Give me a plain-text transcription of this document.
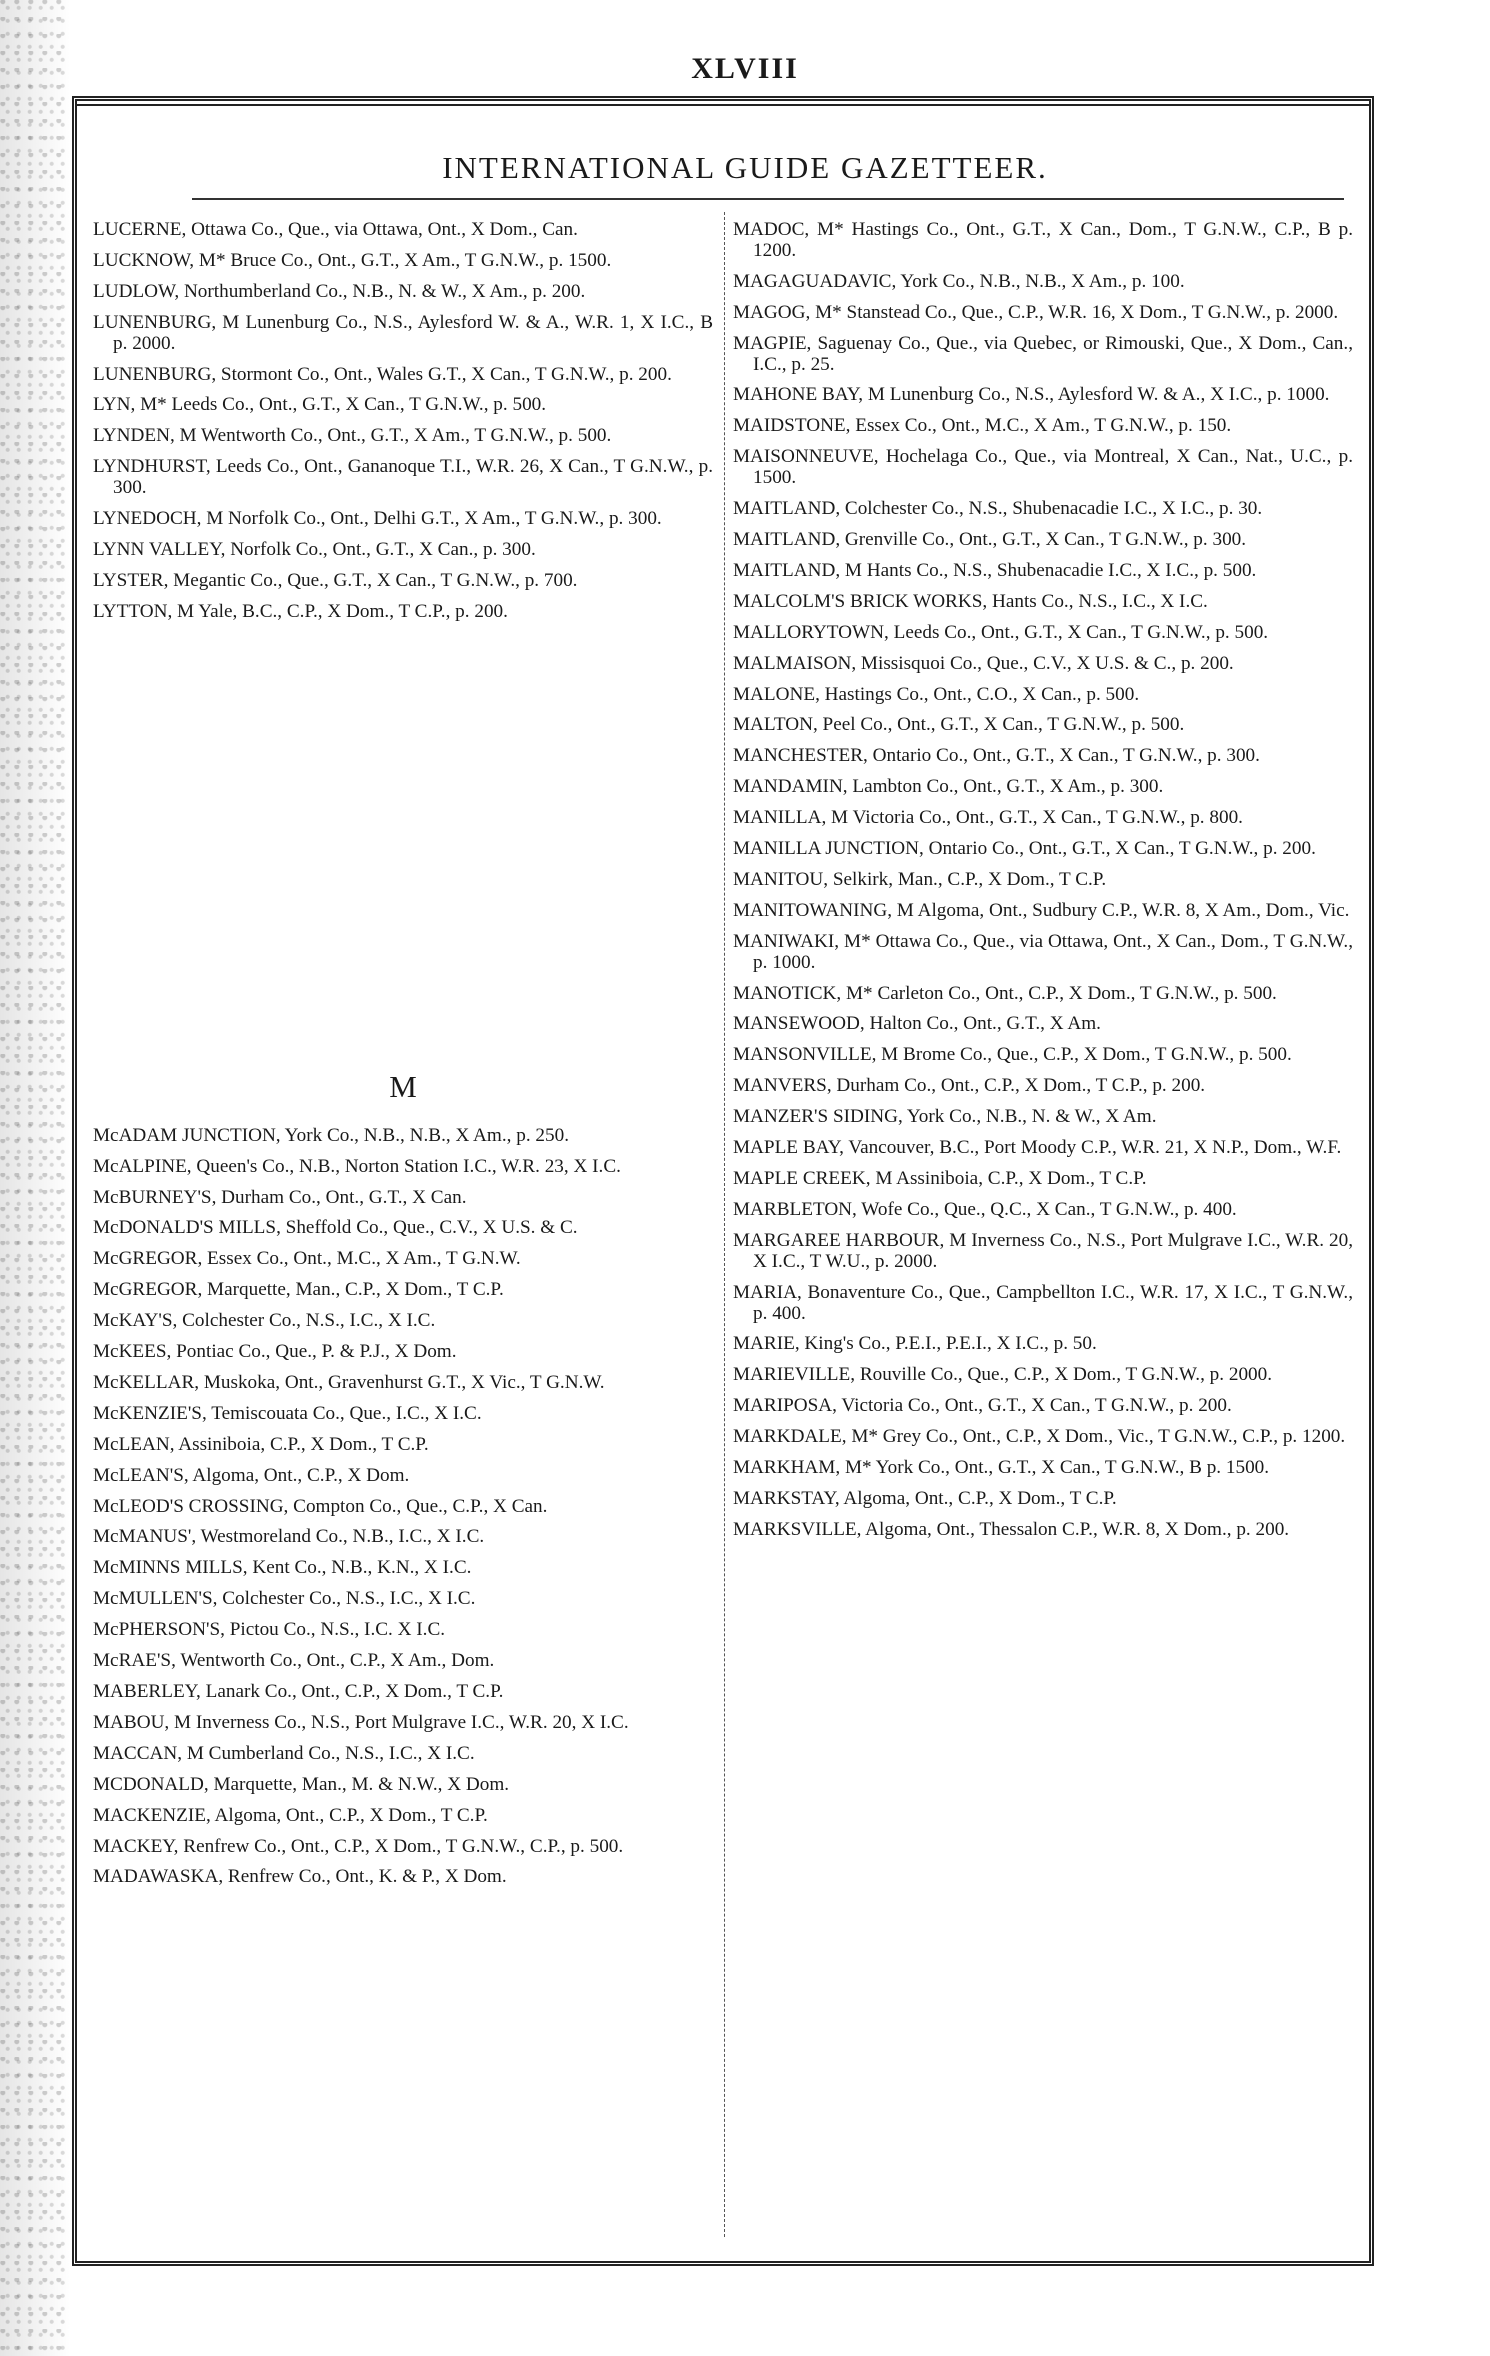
XLVIII
INTERNATIONAL GUIDE GAZETTEER.

LUCERNE, Ottawa Co., Que., via Ottawa, Ont., X Dom., Can.

LUCKNOW, M* Bruce Co., Ont., G.T., X Am., T G.N.W., p. 1500.

LUDLOW, Northumberland Co., N.B., N. & W., X Am., p. 200.

LUNENBURG, M Lunenburg Co., N.S., Aylesford W. & A., W.R. 1, X I.C., B p. 2000.

LUNENBURG, Stormont Co., Ont., Wales G.T., X Can., T G.N.W., p. 200.

LYN, M* Leeds Co., Ont., G.T., X Can., T G.N.W., p. 500.

LYNDEN, M Wentworth Co., Ont., G.T., X Am., T G.N.W., p. 500.

LYNDHURST, Leeds Co., Ont., Gananoque T.I., W.R. 26, X Can., T G.N.W., p. 300.

LYNEDOCH, M Norfolk Co., Ont., Delhi G.T., X Am., T G.N.W., p. 300.

LYNN VALLEY, Norfolk Co., Ont., G.T., X Can., p. 300.

LYSTER, Megantic Co., Que., G.T., X Can., T G.N.W., p. 700.

LYTTON, M Yale, B.C., C.P., X Dom., T C.P., p. 200.

M

McADAM JUNCTION, York Co., N.B., N.B., X Am., p. 250.

McALPINE, Queen's Co., N.B., Norton Station I.C., W.R. 23, X I.C.

McBURNEY'S, Durham Co., Ont., G.T., X Can.

McDONALD'S MILLS, Sheffold Co., Que., C.V., X U.S. & C.

McGREGOR, Essex Co., Ont., M.C., X Am., T G.N.W.

McGREGOR, Marquette, Man., C.P., X Dom., T C.P.

McKAY'S, Colchester Co., N.S., I.C., X I.C.

McKEES, Pontiac Co., Que., P. & P.J., X Dom.

McKELLAR, Muskoka, Ont., Gravenhurst G.T., X Vic., T G.N.W.

McKENZIE'S, Temiscouata Co., Que., I.C., X I.C.

McLEAN, Assiniboia, C.P., X Dom., T C.P.

McLEAN'S, Algoma, Ont., C.P., X Dom.

McLEOD'S CROSSING, Compton Co., Que., C.P., X Can.

McMANUS', Westmoreland Co., N.B., I.C., X I.C.

McMINNS MILLS, Kent Co., N.B., K.N., X I.C.

McMULLEN'S, Colchester Co., N.S., I.C., X I.C.

McPHERSON'S, Pictou Co., N.S., I.C. X I.C.

McRAE'S, Wentworth Co., Ont., C.P., X Am., Dom.

MABERLEY, Lanark Co., Ont., C.P., X Dom., T C.P.

MABOU, M Inverness Co., N.S., Port Mulgrave I.C., W.R. 20, X I.C.

MACCAN, M Cumberland Co., N.S., I.C., X I.C.

MCDONALD, Marquette, Man., M. & N.W., X Dom.

MACKENZIE, Algoma, Ont., C.P., X Dom., T C.P.

MACKEY, Renfrew Co., Ont., C.P., X Dom., T G.N.W., C.P., p. 500.

MADAWASKA, Renfrew Co., Ont., K. & P., X Dom.

MADOC, M* Hastings Co., Ont., G.T., X Can., Dom., T G.N.W., C.P., B p. 1200.

MAGAGUADAVIC, York Co., N.B., N.B., X Am., p. 100.

MAGOG, M* Stanstead Co., Que., C.P., W.R. 16, X Dom., T G.N.W., p. 2000.

MAGPIE, Saguenay Co., Que., via Quebec, or Rimouski, Que., X Dom., Can., I.C., p. 25.

MAHONE BAY, M Lunenburg Co., N.S., Aylesford W. & A., X I.C., p. 1000.

MAIDSTONE, Essex Co., Ont., M.C., X Am., T G.N.W., p. 150.

MAISONNEUVE, Hochelaga Co., Que., via Montreal, X Can., Nat., U.C., p. 1500.

MAITLAND, Colchester Co., N.S., Shubenacadie I.C., X I.C., p. 30.

MAITLAND, Grenville Co., Ont., G.T., X Can., T G.N.W., p. 300.

MAITLAND, M Hants Co., N.S., Shubenacadie I.C., X I.C., p. 500.

MALCOLM'S BRICK WORKS, Hants Co., N.S., I.C., X I.C.

MALLORYTOWN, Leeds Co., Ont., G.T., X Can., T G.N.W., p. 500.

MALMAISON, Missisquoi Co., Que., C.V., X U.S. & C., p. 200.

MALONE, Hastings Co., Ont., C.O., X Can., p. 500.

MALTON, Peel Co., Ont., G.T., X Can., T G.N.W., p. 500.

MANCHESTER, Ontario Co., Ont., G.T., X Can., T G.N.W., p. 300.

MANDAMIN, Lambton Co., Ont., G.T., X Am., p. 300.

MANILLA, M Victoria Co., Ont., G.T., X Can., T G.N.W., p. 800.

MANILLA JUNCTION, Ontario Co., Ont., G.T., X Can., T G.N.W., p. 200.

MANITOU, Selkirk, Man., C.P., X Dom., T C.P.

MANITOWANING, M Algoma, Ont., Sudbury C.P., W.R. 8, X Am., Dom., Vic.

MANIWAKI, M* Ottawa Co., Que., via Ottawa, Ont., X Can., Dom., T G.N.W., p. 1000.

MANOTICK, M* Carleton Co., Ont., C.P., X Dom., T G.N.W., p. 500.

MANSEWOOD, Halton Co., Ont., G.T., X Am.

MANSONVILLE, M Brome Co., Que., C.P., X Dom., T G.N.W., p. 500.

MANVERS, Durham Co., Ont., C.P., X Dom., T C.P., p. 200.

MANZER'S SIDING, York Co., N.B., N. & W., X Am.

MAPLE BAY, Vancouver, B.C., Port Moody C.P., W.R. 21, X N.P., Dom., W.F.

MAPLE CREEK, M Assiniboia, C.P., X Dom., T C.P.

MARBLETON, Wofe Co., Que., Q.C., X Can., T G.N.W., p. 400.

MARGAREE HARBOUR, M Inverness Co., N.S., Port Mulgrave I.C., W.R. 20, X I.C., T W.U., p. 2000.

MARIA, Bonaventure Co., Que., Campbellton I.C., W.R. 17, X I.C., T G.N.W., p. 400.

MARIE, King's Co., P.E.I., P.E.I., X I.C., p. 50.

MARIEVILLE, Rouville Co., Que., C.P., X Dom., T G.N.W., p. 2000.

MARIPOSA, Victoria Co., Ont., G.T., X Can., T G.N.W., p. 200.

MARKDALE, M* Grey Co., Ont., C.P., X Dom., Vic., T G.N.W., C.P., p. 1200.

MARKHAM, M* York Co., Ont., G.T., X Can., T G.N.W., B p. 1500.

MARKSTAY, Algoma, Ont., C.P., X Dom., T C.P.

MARKSVILLE, Algoma, Ont., Thessalon C.P., W.R. 8, X Dom., p. 200.
